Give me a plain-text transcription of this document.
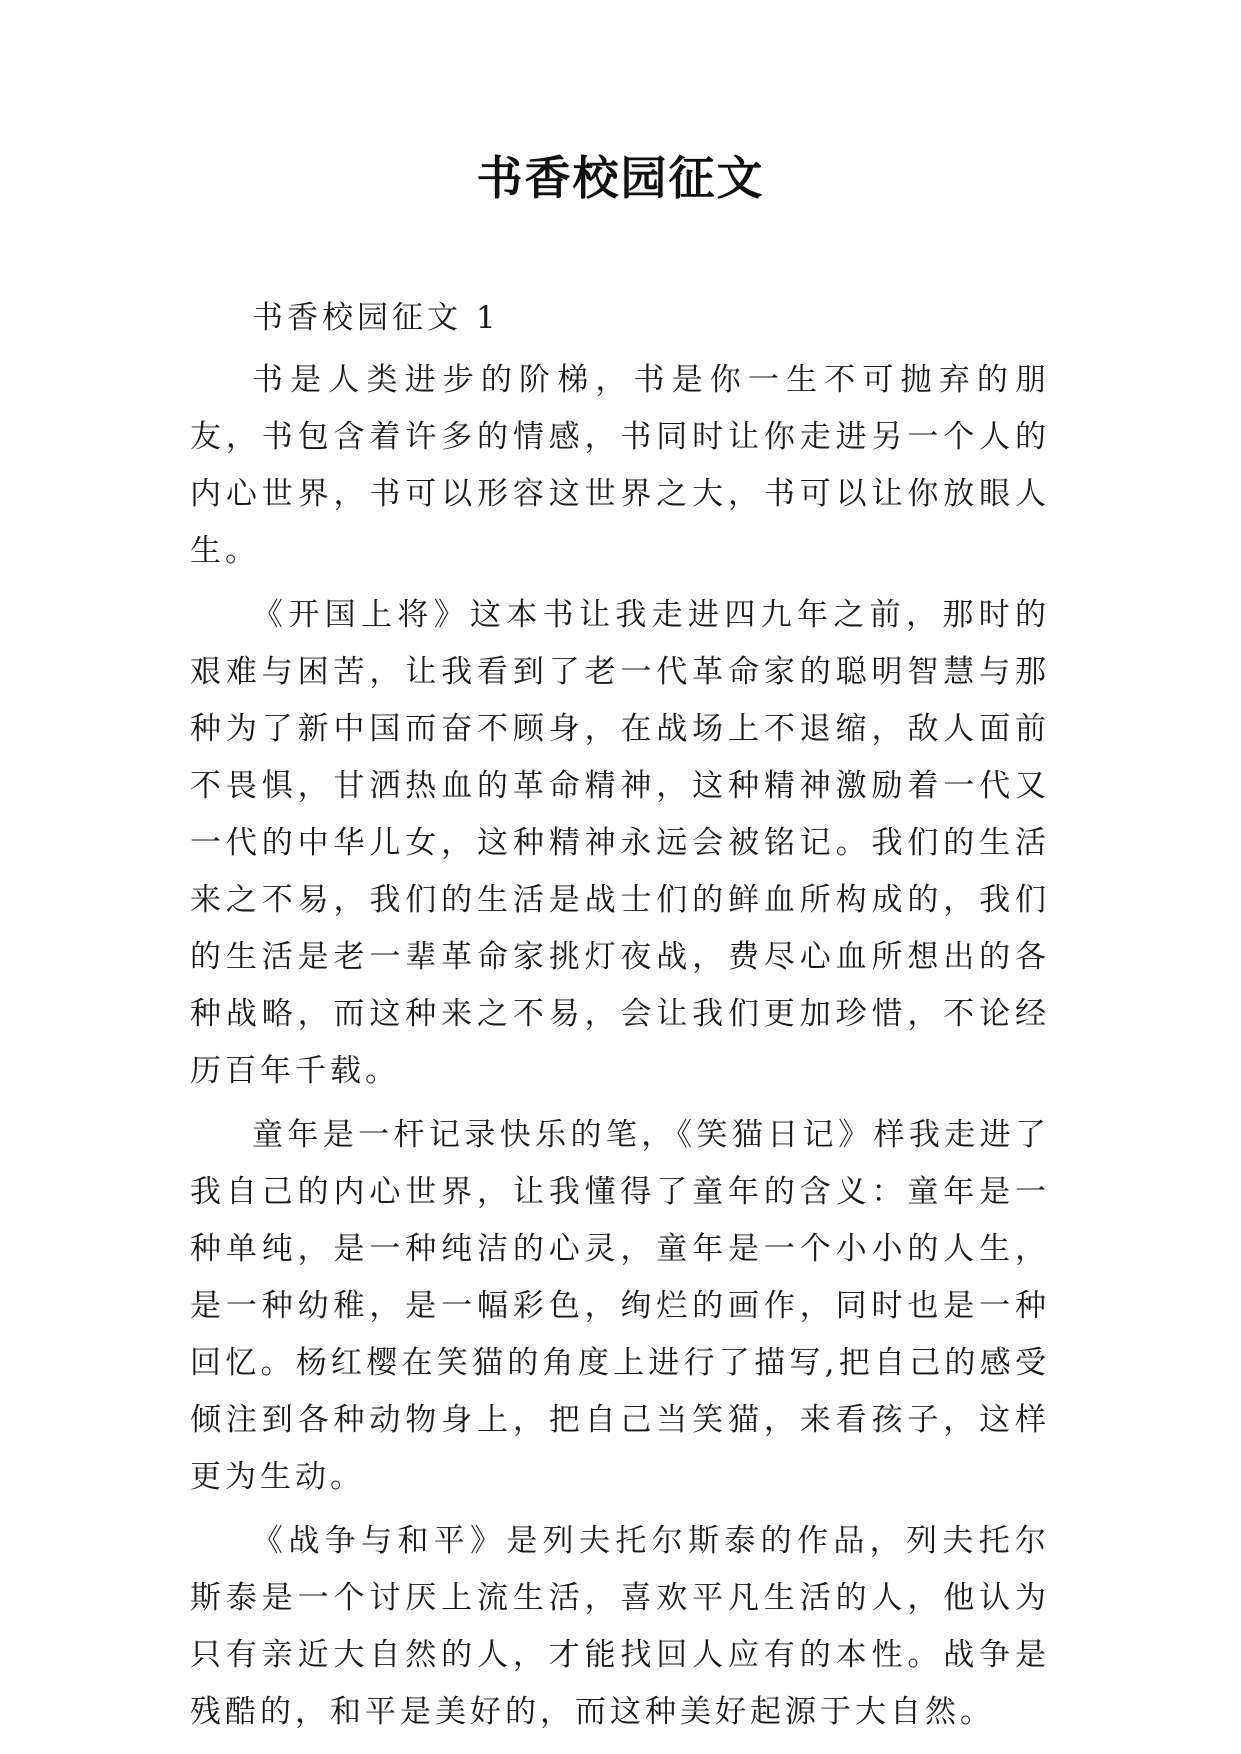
书香校园征文

书香校园征文 1

书是人类进步的阶梯，书是你一生不可抛弃的朋友，书包含着许多的情感，书同时让你走进另一个人的内心世界，书可以形容这世界之大，书可以让你放眼人生。

《开国上将》这本书让我走进四九年之前，那时的艰难与困苦，让我看到了老一代革命家的聪明智慧与那种为了新中国而奋不顾身，在战场上不退缩，敌人面前不畏惧，甘洒热血的革命精神，这种精神激励着一代又一代的中华儿女，这种精神永远会被铭记。我们的生活来之不易，我们的生活是战士们的鲜血所构成的，我们的生活是老一辈革命家挑灯夜战，费尽心血所想出的各种战略，而这种来之不易，会让我们更加珍惜，不论经历百年千载。

童年是一杆记录快乐的笔，《笑猫日记》样我走进了我自己的内心世界，让我懂得了童年的含义：童年是一种单纯，是一种纯洁的心灵，童年是一个小小的人生，是一种幼稚，是一幅彩色，绚烂的画作，同时也是一种回忆。杨红樱在笑猫的角度上进行了描写,把自己的感受倾注到各种动物身上，把自己当笑猫，来看孩子，这样更为生动。

《战争与和平》是列夫托尔斯泰的作品，列夫托尔斯泰是一个讨厌上流生活，喜欢平凡生活的人，他认为只有亲近大自然的人，才能找回人应有的本性。战争是残酷的，和平是美好的，而这种美好起源于大自然。
